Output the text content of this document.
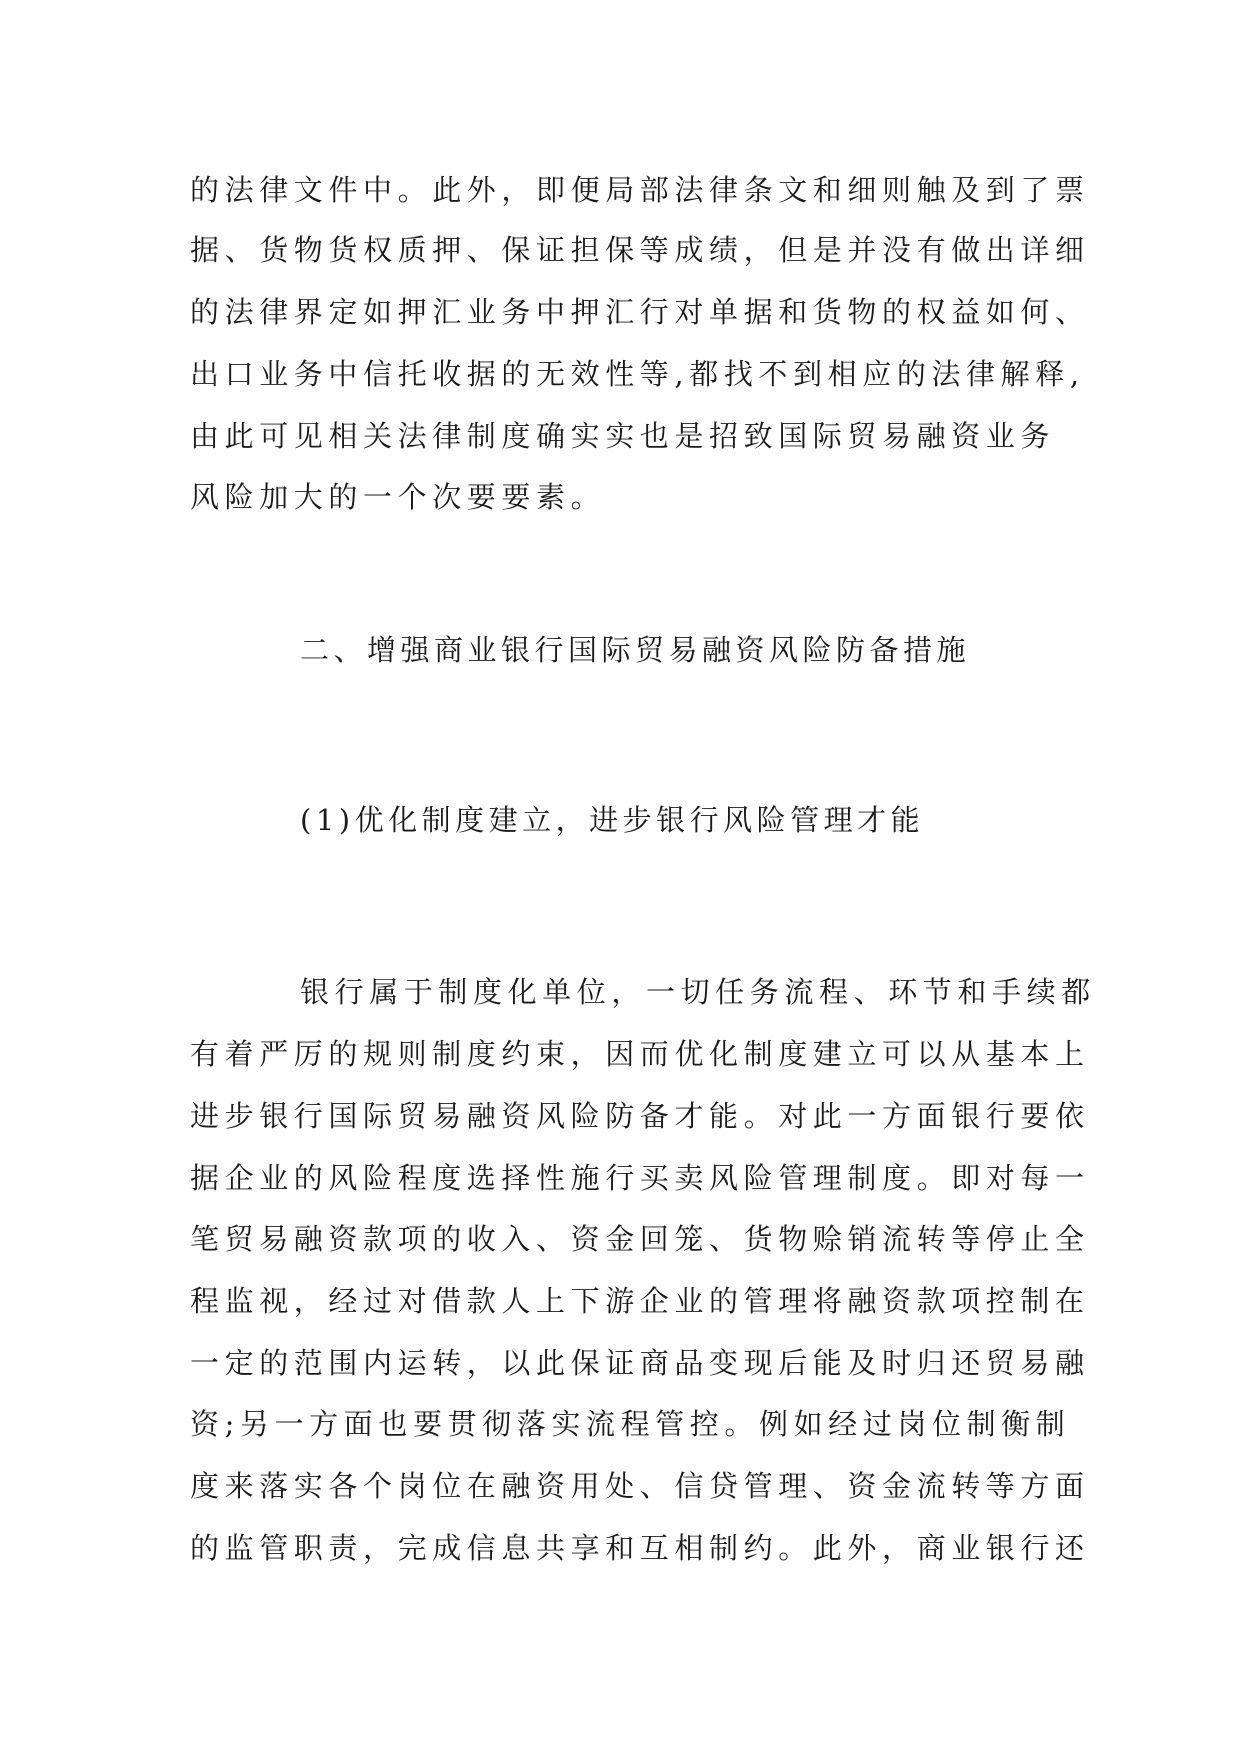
的法律文件中。此外，即便局部法律条文和细则触及到了票
据、货物货权质押、保证担保等成绩，但是并没有做出详细
的法律界定如押汇业务中押汇行对单据和货物的权益如何、
出口业务中信托收据的无效性等,都找不到相应的法律解释,
由此可见相关法律制度确实实也是招致国际贸易融资业务
风险加大的一个次要要素。
二、增强商业银行国际贸易融资风险防备措施
(1)优化制度建立，进步银行风险管理才能
银行属于制度化单位，一切任务流程、环节和手续都
有着严厉的规则制度约束，因而优化制度建立可以从基本上
进步银行国际贸易融资风险防备才能。对此一方面银行要依
据企业的风险程度选择性施行买卖风险管理制度。即对每一
笔贸易融资款项的收入、资金回笼、货物赊销流转等停止全
程监视，经过对借款人上下游企业的管理将融资款项控制在
一定的范围内运转，以此保证商品变现后能及时归还贸易融
资;另一方面也要贯彻落实流程管控。例如经过岗位制衡制
度来落实各个岗位在融资用处、信贷管理、资金流转等方面
的监管职责，完成信息共享和互相制约。此外，商业银行还
